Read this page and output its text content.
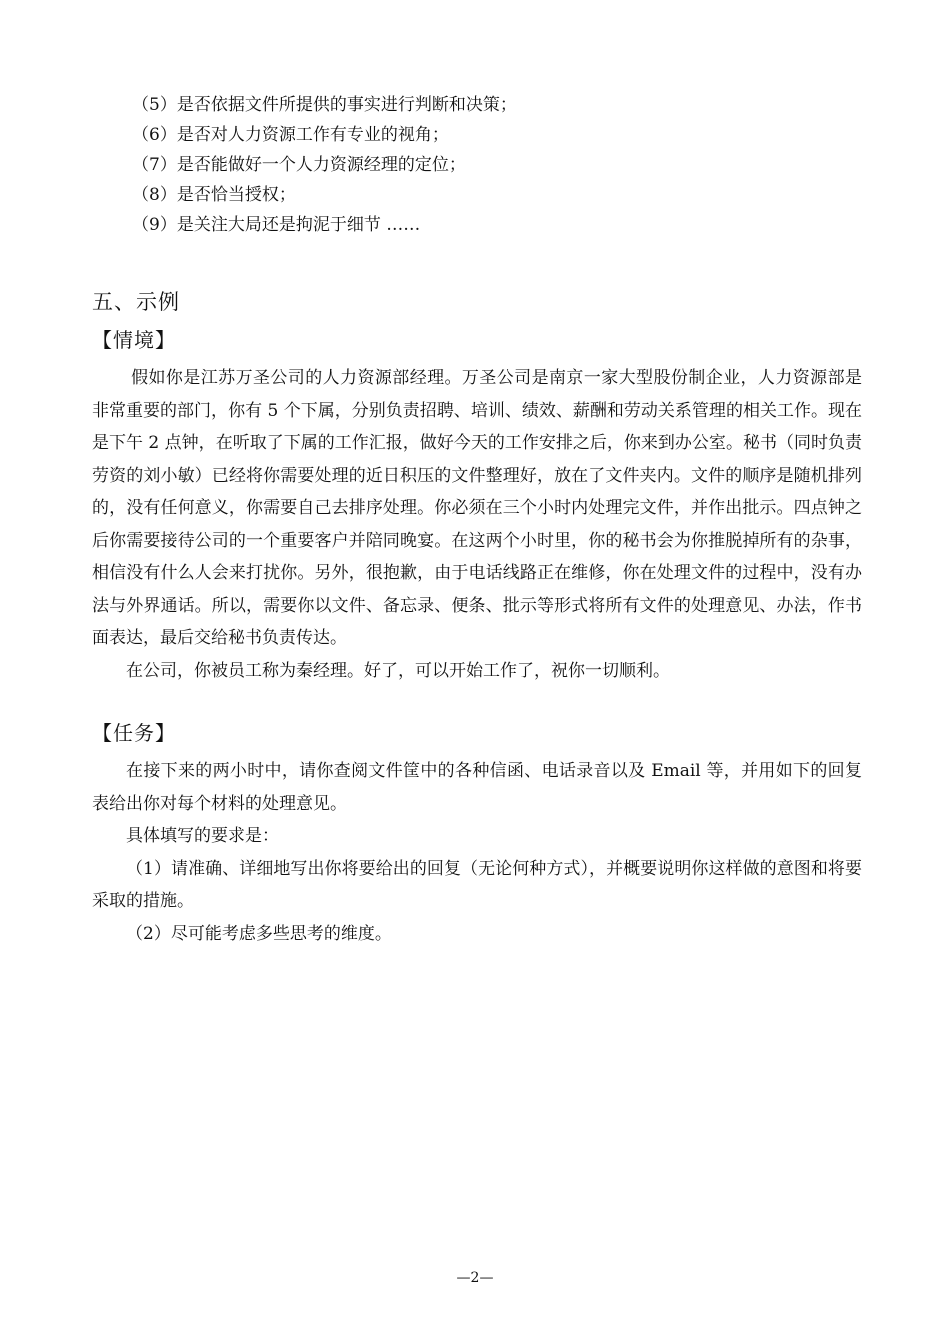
（5）是否依据文件所提供的事实进行判断和决策；
（6）是否对人力资源工作有专业的视角；
（7）是否能做好一个人力资源经理的定位；
（8）是否恰当授权；
（9）是关注大局还是拘泥于细节 ……
五、示例
【情境】

假如你是江苏万圣公司的人力资源部经理。万圣公司是南京一家大型股份制企业，人力资源部是非常重要的部门，你有 5 个下属，分别负责招聘、培训、绩效、薪酬和劳动关系管理的相关工作。现在是下午 2 点钟，在听取了下属的工作汇报，做好今天的工作安排之后，你来到办公室。秘书（同时负责劳资的刘小敏）已经将你需要处理的近日积压的文件整理好，放在了文件夹内。文件的顺序是随机排列的，没有任何意义，你需要自己去排序处理。你必须在三个小时内处理完文件，并作出批示。四点钟之后你需要接待公司的一个重要客户并陪同晚宴。在这两个小时里，你的秘书会为你推脱掉所有的杂事，相信没有什么人会来打扰你。另外，很抱歉，由于电话线路正在维修，你在处理文件的过程中，没有办法与外界通话。所以，需要你以文件、备忘录、便条、批示等形式将所有文件的处理意见、办法，作书面表达，最后交给秘书负责传达。

在公司，你被员工称为秦经理。好了，可以开始工作了，祝你一切顺利。

【任务】

在接下来的两小时中，请你查阅文件筐中的各种信函、电话录音以及 Email 等，并用如下的回复表给出你对每个材料的处理意见。

具体填写的要求是：

（1）请准确、详细地写出你将要给出的回复（无论何种方式），并概要说明你这样做的意图和将要采取的措施。

（2）尽可能考虑多些思考的维度。

—2—
